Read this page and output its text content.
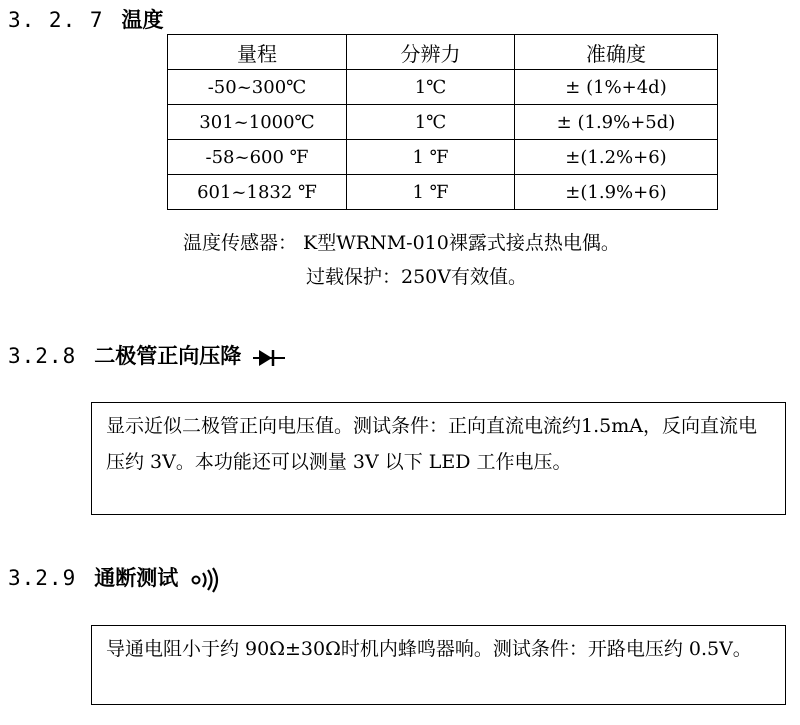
3. 2. 7 温度
量程	分辨力	准确度
-50~300℃	1℃	± (1%+4d)
301~1000℃	1℃	± (1.9%+5d)
-58~600 ℉	1 ℉	±(1.2%+6)
601~1832 ℉	1 ℉	±(1.9%+6)
温度传感器： K型WRNM-010裸露式接点热电偶。
过载保护：250V有效值。
3.2.8 二极管正向压降
显示近似二极管正向电压值。测试条件：正向直流电流约1.5mA，反向直流电压约 3V。本功能还可以测量 3V 以下 LED 工作电压。
3.2.9 通断测试
导通电阻小于约 90Ω±30Ω时机内蜂鸣器响。测试条件：开路电压约 0.5V。
